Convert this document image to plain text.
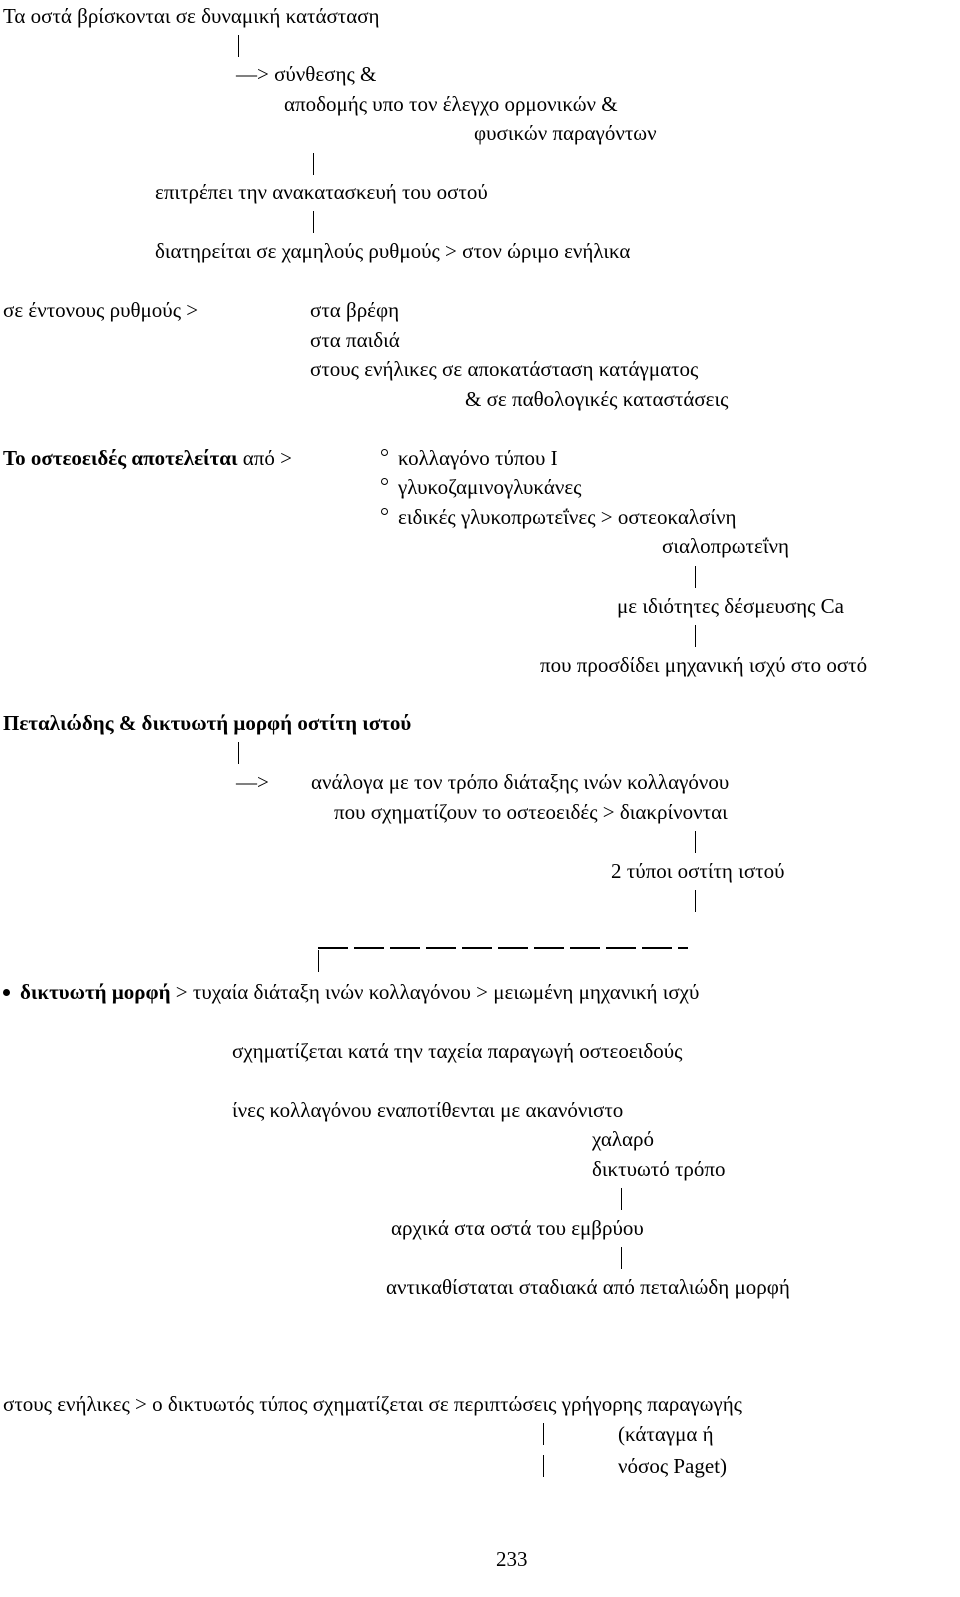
Τα οστά βρίσκονται σε δυναμική κατάσταση
—> σύνθεσης &
αποδομής υπο τον έλεγχο ορμονικών &
φυσικών παραγόντων
επιτρέπει την ανακατασκευή του οστού
διατηρείται σε χαμηλούς ρυθμούς > στον ώριμο ενήλικα
σε έντονους ρυθμούς >	στα βρέφη
στα παιδιά
στους ενήλικες σε αποκατάσταση κατάγματος
& σε παθολογικές καταστάσεις
Το οστεοειδές αποτελείται από >	κολλαγόνο τύπου Ι
γλυκοζαμινογλυκάνες
ειδικές γλυκοπρωτεΐνες > οστεοκαλσίνη
σιαλοπρωτεΐνη
με ιδιότητες δέσμευσης Ca
που προσδίδει μηχανική ισχύ στο οστό
Πεταλιώδης & δικτυωτή μορφή οστίτη ιστού
—> ανάλογα με τον τρόπο διάταξης ινών κολλαγόνου
που σχηματίζουν το οστεοειδές > διακρίνονται
2 τύποι οστίτη ιστού
δικτυωτή μορφή > τυχαία διάταξη ινών κολλαγόνου > μειωμένη μηχανική ισχύ
σχηματίζεται κατά την ταχεία παραγωγή οστεοειδούς
ίνες κολλαγόνου εναποτίθενται με ακανόνιστο
χαλαρό
δικτυωτό τρόπο
αρχικά στα οστά του εμβρύου
αντικαθίσταται σταδιακά από πεταλιώδη μορφή
στους ενήλικες > ο δικτυωτός τύπος σχηματίζεται σε περιπτώσεις γρήγορης παραγωγής
(κάταγμα ή
νόσος Paget)
233
